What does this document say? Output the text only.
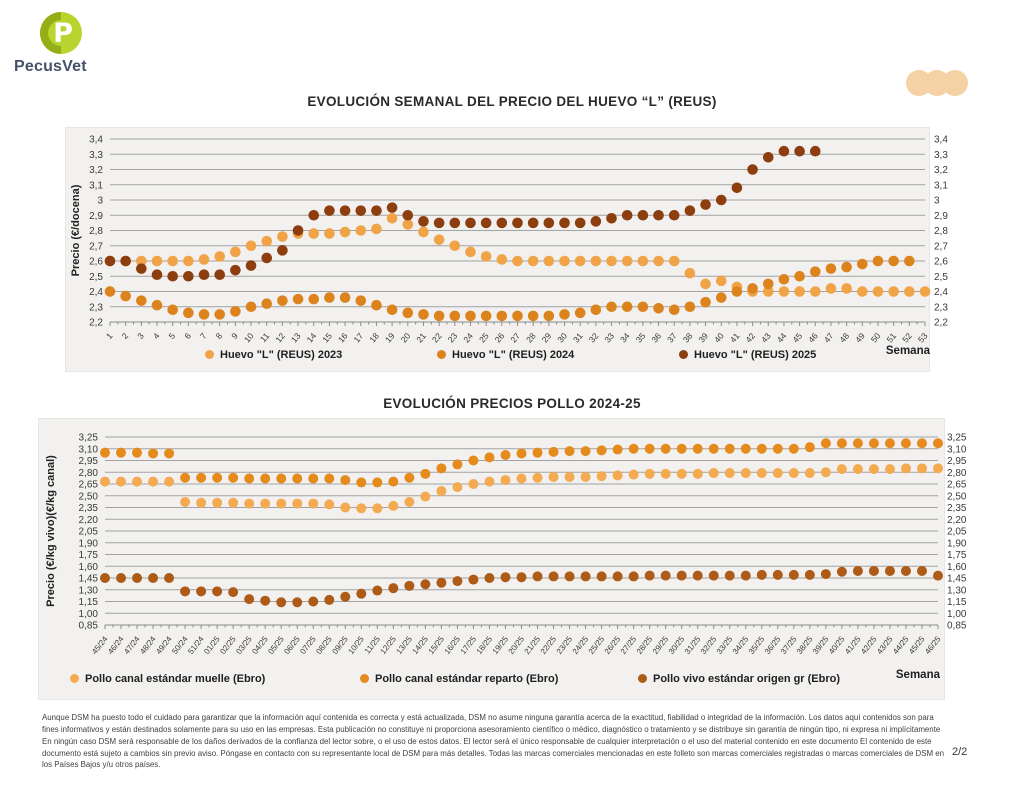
P
PecusVet
EVOLUCIÓN SEMANAL DEL PRECIO DEL HUEVO “L” (REUS)
3,4	3,4
3,3	3,3
3,2	3,2
3,1	3,1
3	3
2,9	2,9
2,8	2,8
2,7	2,7
2,6	2,6
2,5	2,5
2,4	2,4
2,3	2,3
2,2	2,2
1 2 3 4 5 6 7 8 9 10 11 12 13 14 15 16 17 18 19 20 21 22 23 24 25 26 27 28 29 30 31 32 33 34 35 36 37 38 39 40 41 42 43 44 45 46 47 48 49 50 51 52 53
Precio (€/docena)
Huevo "L" (REUS) 2023	Huevo "L" (REUS) 2024	Huevo "L" (REUS) 2025	Semana
EVOLUCIÓN PRECIOS POLLO 2024-25
3,25	3,25
3,10	3,10
2,95	2,95
2,80	2,80
2,65	2,65
2,50	2,50
2,35	2,35
2,20	2,20
2,05	2,05
1,90	1,90
1,75	1,75
1,60	1,60
1,45	1,45
1,30	1,30
1,15	1,15
1,00	1,00
0,85	0,85
45/24
46/24
47/24
48/24
49/24
50/24
51/24
01/25
02/25
03/25
04/25
05/25
06/25
07/25
08/25
09/25
10/25
11/25
12/25
13/25
14/25
15/25
16/25
17/25
18/25
19/25
20/25
21/25
22/25
23/25
24/25
25/25
26/25
27/25
28/25
29/25
30/25
31/25
32/25
33/25
34/25
35/25
36/25
37/25
38/25
39/25
40/25
41/25
42/25
43/25
44/25
45/25
46/25
Precio (€/kg vivo)(€/kg canal)
Pollo canal estándar muelle (Ebro)	Pollo canal estándar reparto (Ebro)	Pollo vivo estándar origen gr (Ebro)	Semana

Aunque DSM ha puesto todo el cuidado para garantizar que la información aquí contenida es correcta y está actualizada, DSM no asume ninguna garantía acerca de la exactitud, fiabilidad o integridad de la información. Los datos aquí contenidos son para fines informativos y están destinados solamente para su uso en las empresas. Esta publicación no constituye ni proporciona asesoramiento científico o médico, diagnóstico o tratamiento y se distribuye sin garantía de ningún tipo, ni expresa ni implícitamente En ningún caso DSM será responsable de los daños derivados de la confianza del lector sobre, o el uso de estos datos. El lector será el único responsable de cualquier interpretación o el uso del material contenido en este documento El contenido de este documento está sujeto a cambios sin previo aviso. Póngase en contacto con su representante local de DSM para más detalles. Todas las marcas comerciales mencionadas en este folleto son marcas comerciales registradas o marcas comerciales de DSM en los Países Bajos y/u otros países.

2/2
